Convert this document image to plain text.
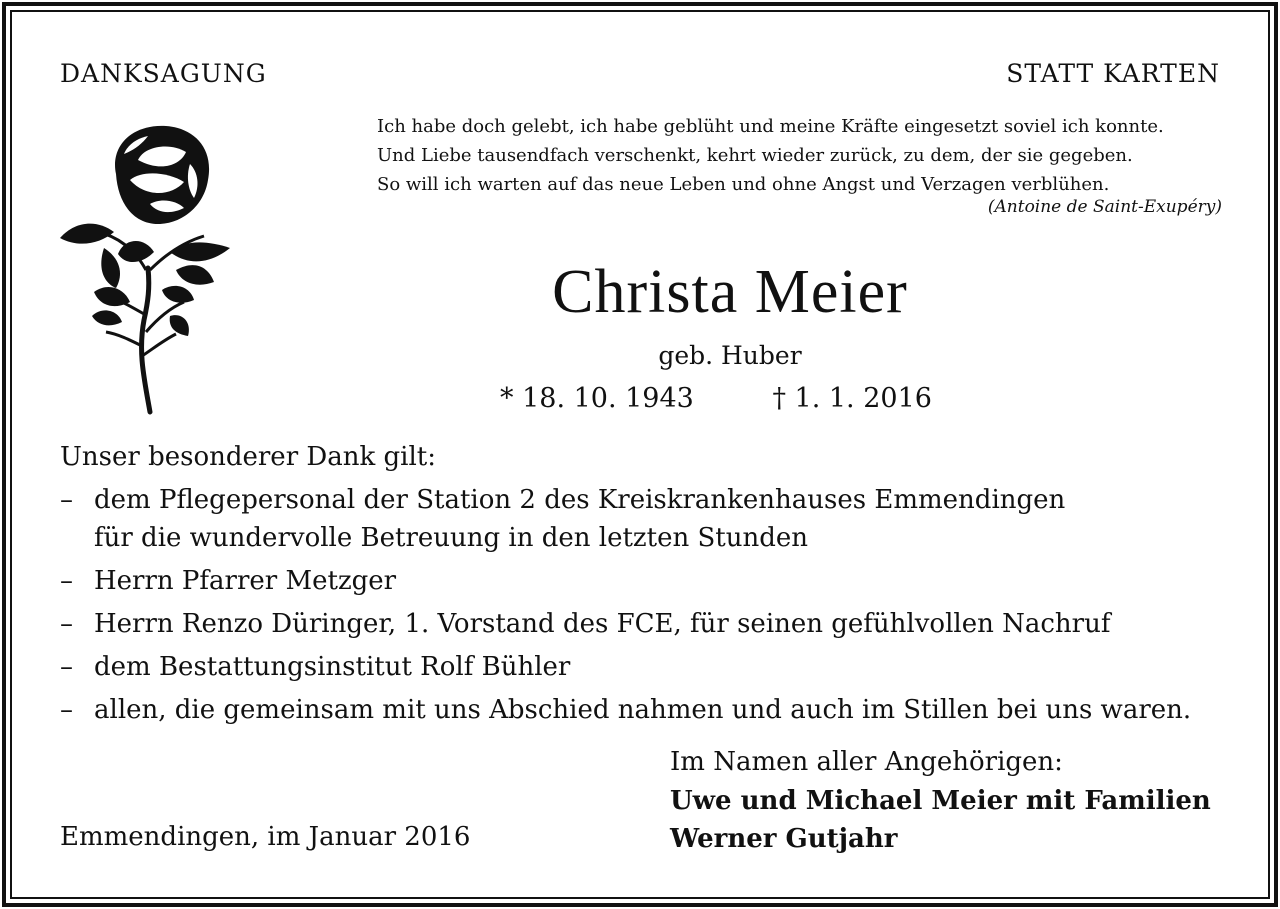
DANKSAGUNG	STATT KARTEN
Ich habe doch gelebt, ich habe geblüht und meine Kräfte eingesetzt soviel ich konnte.
Und Liebe tausendfach verschenkt, kehrt wieder zurück, zu dem, der sie gegeben.
So will ich warten auf das neue Leben und ohne Angst und Verzagen verblühen.
(Antoine de Saint-Exupéry)
Christa Meier
geb. Huber
* 18. 10. 1943	† 1. 1. 2016
Unser besonderer Dank gilt:
– dem Pflegepersonal der Station 2 des Kreiskrankenhauses Emmendingen
für die wundervolle Betreuung in den letzten Stunden
– Herrn Pfarrer Metzger
– Herrn Renzo Düringer, 1. Vorstand des FCE, für seinen gefühlvollen Nachruf
– dem Bestattungsinstitut Rolf Bühler
– allen, die gemeinsam mit uns Abschied nahmen und auch im Stillen bei uns waren.
Im Namen aller Angehörigen:
Uwe und Michael Meier mit Familien
Werner Gutjahr
Emmendingen, im Januar 2016
